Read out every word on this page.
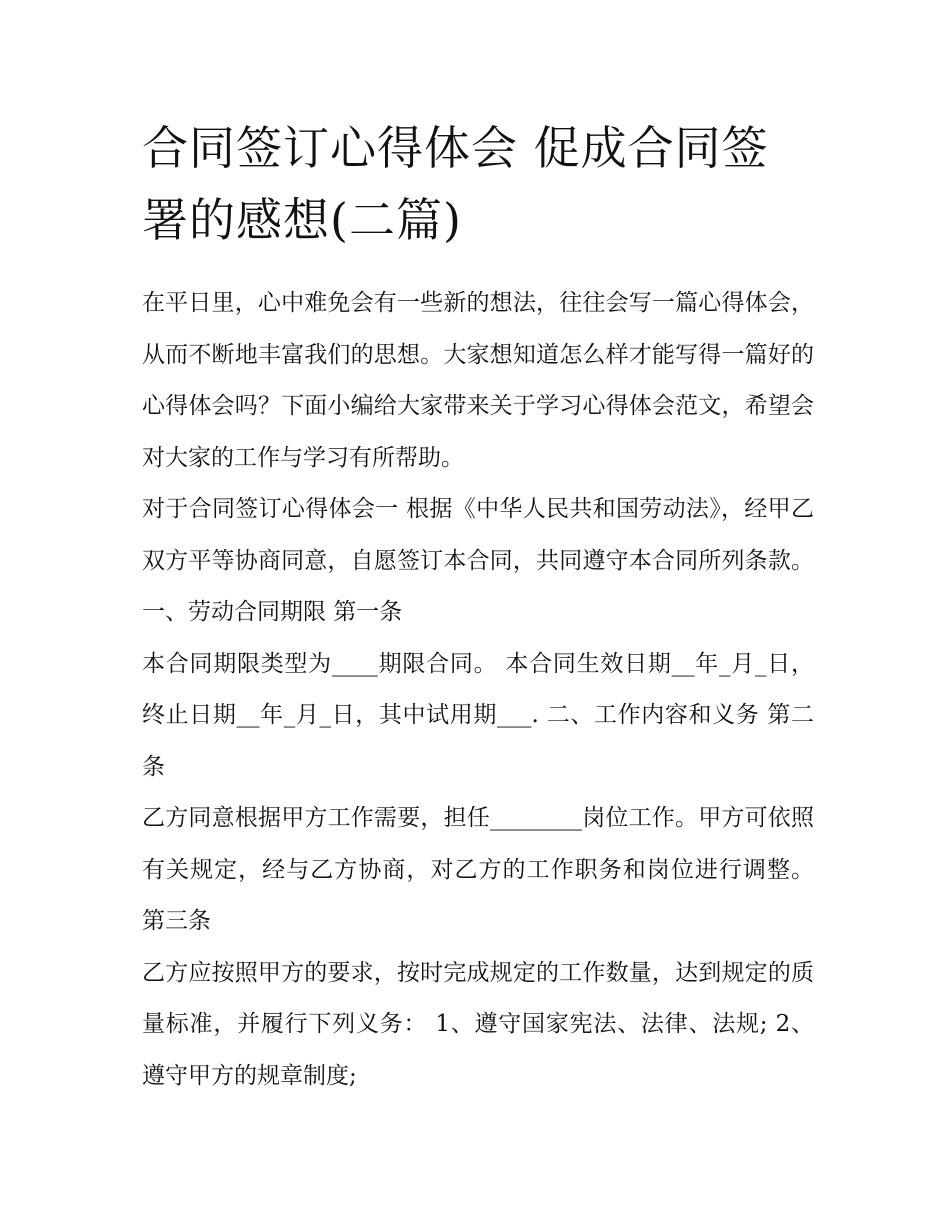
合同签订心得体会 促成合同签署的感想(二篇)

在平日里，心中难免会有一些新的想法，往往会写一篇心得体会，从而不断地丰富我们的思想。大家想知道怎么样才能写得一篇好的心得体会吗？下面小编给大家带来关于学习心得体会范文，希望会对大家的工作与学习有所帮助。

对于合同签订心得体会一 根据《中华人民共和国劳动法》，经甲乙双方平等协商同意，自愿签订本合同，共同遵守本合同所列条款。 一、劳动合同期限 第一条

本合同期限类型为____期限合同。 本合同生效日期__年_月_日，终止日期__年_月_日，其中试用期___. 二、工作内容和义务 第二条

乙方同意根据甲方工作需要，担任________岗位工作。甲方可依照有关规定，经与乙方协商，对乙方的工作职务和岗位进行调整。 第三条

乙方应按照甲方的要求，按时完成规定的工作数量，达到规定的质量标准，并履行下列义务： 1、遵守国家宪法、法律、法规; 2、遵守甲方的规章制度;
